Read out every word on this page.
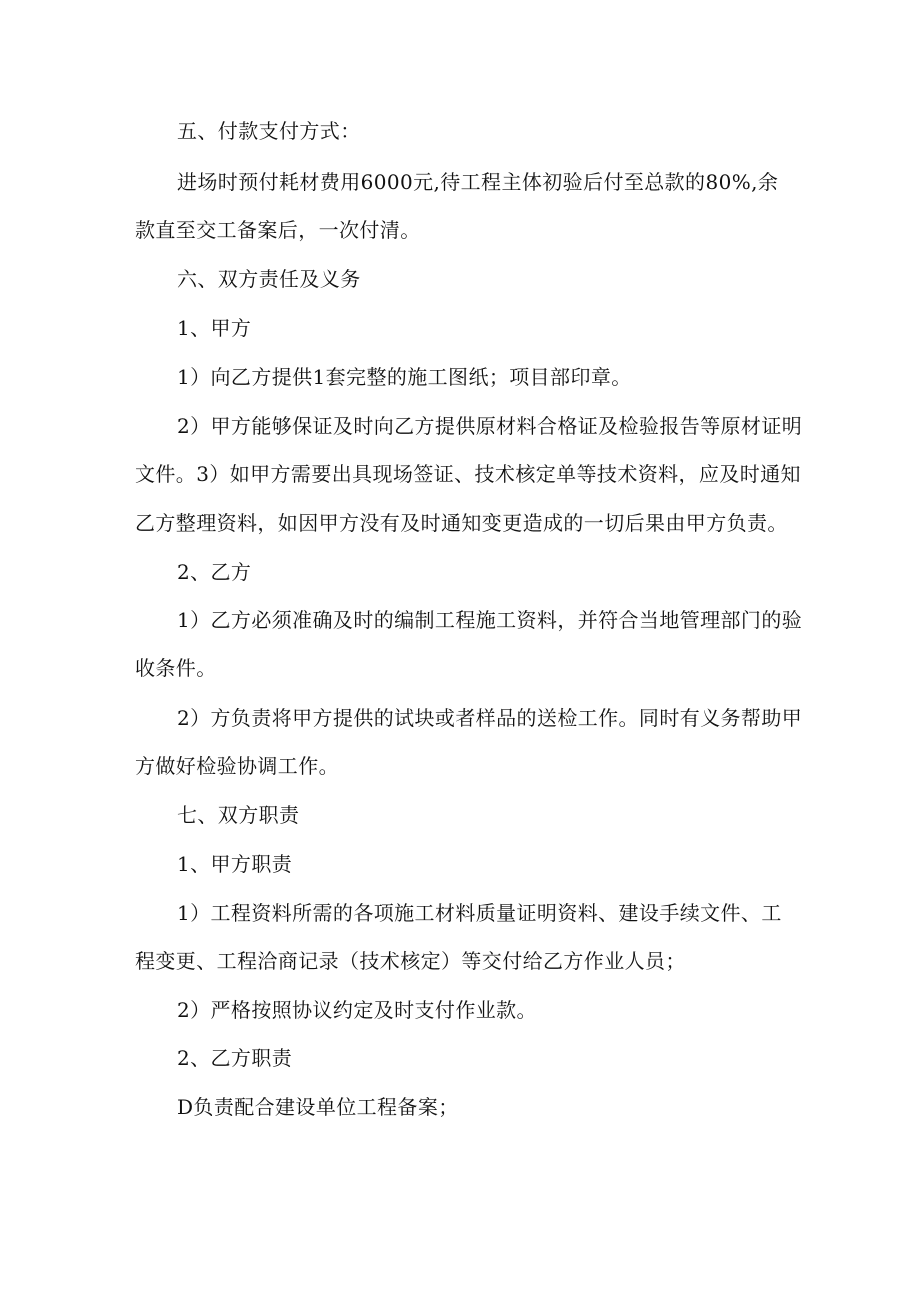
五、付款支付方式：
进场时预付耗材费用6000元,待工程主体初验后付至总款的80%,余
款直至交工备案后，一次付清。
六、双方责任及义务
1、甲方
1）向乙方提供1套完整的施工图纸；项目部印章。
2）甲方能够保证及时向乙方提供原材料合格证及检验报告等原材证明
文件。3）如甲方需要出具现场签证、技术核定单等技术资料，应及时通知
乙方整理资料，如因甲方没有及时通知变更造成的一切后果由甲方负责。
2、乙方
1）乙方必须准确及时的编制工程施工资料，并符合当地管理部门的验
收条件。
2）方负责将甲方提供的试块或者样品的送检工作。同时有义务帮助甲
方做好检验协调工作。
七、双方职责
1、甲方职责
1）工程资料所需的各项施工材料质量证明资料、建设手续文件、工
程变更、工程洽商记录（技术核定）等交付给乙方作业人员；
2）严格按照协议约定及时支付作业款。
2、乙方职责
D负责配合建设单位工程备案；
